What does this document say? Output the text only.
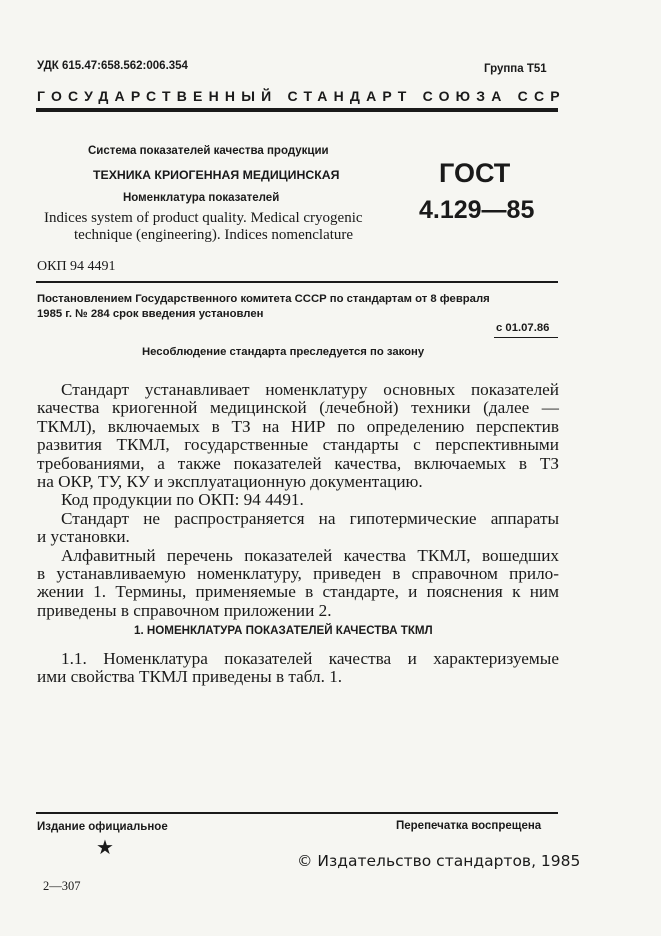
УДК 615.47:658.562:006.354	Группа Т51
ГОСУДАРСТВЕННЫЙ СТАНДАРТ СОЮЗА ССР
Система показателей качества продукции
ТЕХНИКА КРИОГЕННАЯ МЕДИЦИНСКАЯ
Номенклатура показателей
Indices system of product quality. Medical cryogenic
technique (engineering). Indices nomenclature
ГОСТ
4.129—85
ОКП 94 4491
Постановлением Государственного комитета СССР по стандартам от 8 февраля
1985 г. № 284 срок введения установлен
с 01.07.86
Несоблюдение стандарта преследуется по закону

Стандарт устанавливает номенклатуру основных показателей

качества криогенной медицинской (лечебной) техники (далее —

ТКМЛ), включаемых в ТЗ на НИР по определению перспектив

развития ТКМЛ, государственные стандарты с перспективными

требованиями, а также показателей качества, включаемых в ТЗ

на ОКР, ТУ, КУ и эксплуатационную документацию.

Код продукции по ОКП: 94 4491.

Стандарт не распространяется на гипотермические аппараты

и установки.

Алфавитный перечень показателей качества ТКМЛ, вошедших

в устанавливаемую номенклатуру, приведен в справочном прило-

жении 1. Термины, применяемые в стандарте, и пояснения к ним

приведены в справочном приложении 2.

1. НОМЕНКЛАТУРА ПОКАЗАТЕЛЕЙ КАЧЕСТВА ТКМЛ

1.1. Номенклатура показателей качества и характеризуемые

ими свойства ТКМЛ приведены в табл. 1.

Издание официальное	Перепечатка воспрещена
★
© Издательство стандартов, 1985
2—307
